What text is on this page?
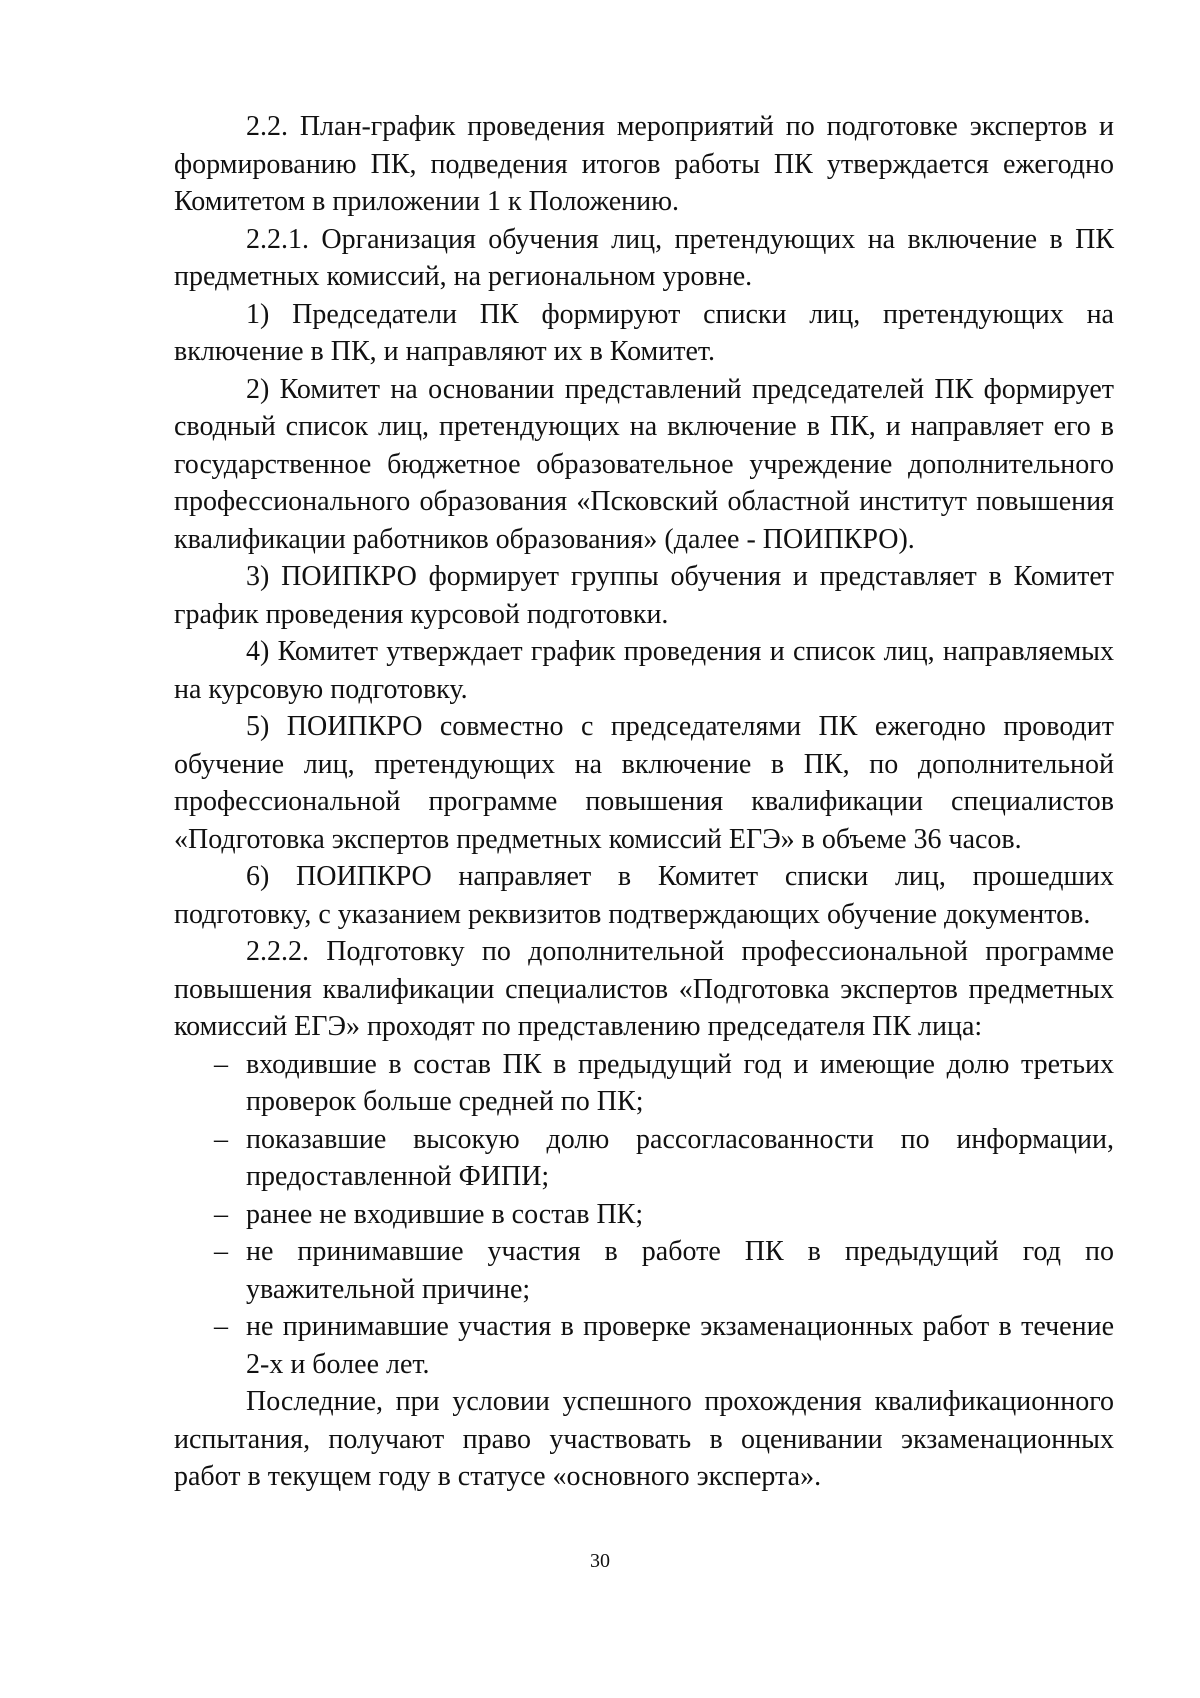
2.2. План-график проведения мероприятий по подготовке экспертов и формированию ПК, подведения итогов работы ПК утверждается ежегодно Комитетом в приложении 1 к Положению.

2.2.1. Организация обучения лиц, претендующих на включение в ПК предметных комиссий, на региональном уровне.

1) Председатели ПК формируют списки лиц, претендующих на включение в ПК, и направляют их в Комитет.

2) Комитет на основании представлений председателей ПК формирует сводный список лиц, претендующих на включение в ПК, и направляет его в государственное бюджетное образовательное учреждение дополнительного профессионального образования «Псковский областной институт повышения квалификации работников образования» (далее - ПОИПКРО).

3) ПОИПКРО формирует группы обучения и представляет в Комитет график проведения курсовой подготовки.

4) Комитет утверждает график проведения и список лиц, направляемых на курсовую подготовку.

5) ПОИПКРО совместно с председателями ПК ежегодно проводит обучение лиц, претендующих на включение в ПК, по дополнительной профессиональной программе повышения квалификации специалистов «Подготовка экспертов предметных комиссий ЕГЭ» в объеме 36 часов.

6) ПОИПКРО направляет в Комитет списки лиц, прошедших подготовку, с указанием реквизитов подтверждающих обучение документов.

2.2.2. Подготовку по дополнительной профессиональной программе повышения квалификации специалистов «Подготовка экспертов предметных комиссий ЕГЭ» проходят по представлению председателя ПК лица:

– входившие в состав ПК в предыдущий год и имеющие долю третьих проверок больше средней по ПК;
– показавшие высокую долю рассогласованности по информации, предоставленной ФИПИ;
– ранее не входившие в состав ПК;
– не принимавшие участия в работе ПК в предыдущий год по уважительной причине;
– не принимавшие участия в проверке экзаменационных работ в течение 2-х и более лет.

Последние, при условии успешного прохождения квалификационного испытания, получают право участвовать в оценивании экзаменационных работ в текущем году в статусе «основного эксперта».

30
